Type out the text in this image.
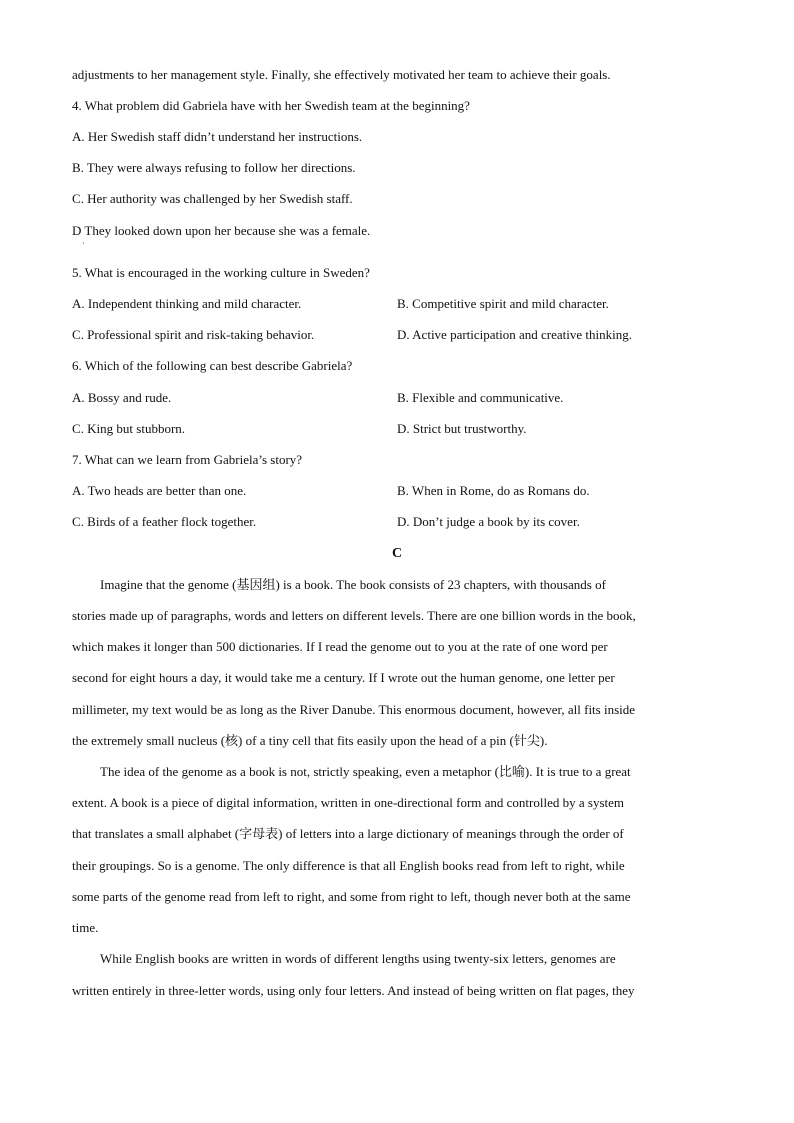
adjustments to her management style. Finally, she effectively motivated her team to achieve their goals.
4. What problem did Gabriela have with her Swedish team at the beginning?
A. Her Swedish staff didn’t understand her instructions.
B. They were always refusing to follow her directions.
C. Her authority was challenged by her Swedish staff.
D They looked down upon her because she was a female.
·
5. What is encouraged in the working culture in Sweden?
A. Independent thinking and mild character.	B. Competitive spirit and mild character.
C. Professional spirit and risk-taking behavior.	D. Active participation and creative thinking.
6. Which of the following can best describe Gabriela?
A. Bossy and rude.	B. Flexible and communicative.
C. King but stubborn.	D. Strict but trustworthy.
7. What can we learn from Gabriela’s story?
A. Two heads are better than one.	B. When in Rome, do as Romans do.
C. Birds of a feather flock together.	D. Don’t judge a book by its cover.
C
Imagine that the genome (基因组) is a book. The book consists of 23 chapters, with thousands of
stories made up of paragraphs, words and letters on different levels. There are one billion words in the book,
which makes it longer than 500 dictionaries. If I read the genome out to you at the rate of one word per
second for eight hours a day, it would take me a century. If I wrote out the human genome, one letter per
millimeter, my text would be as long as the River Danube. This enormous document, however, all fits inside
the extremely small nucleus (核) of a tiny cell that fits easily upon the head of a pin (针尖).
The idea of the genome as a book is not, strictly speaking, even a metaphor (比喻). It is true to a great
extent. A book is a piece of digital information, written in one-directional form and controlled by a system
that translates a small alphabet (字母表) of letters into a large dictionary of meanings through the order of
their groupings. So is a genome. The only difference is that all English books read from left to right, while
some parts of the genome read from left to right, and some from right to left, though never both at the same
time.
While English books are written in words of different lengths using twenty-six letters, genomes are
written entirely in three-letter words, using only four letters. And instead of being written on flat pages, they
